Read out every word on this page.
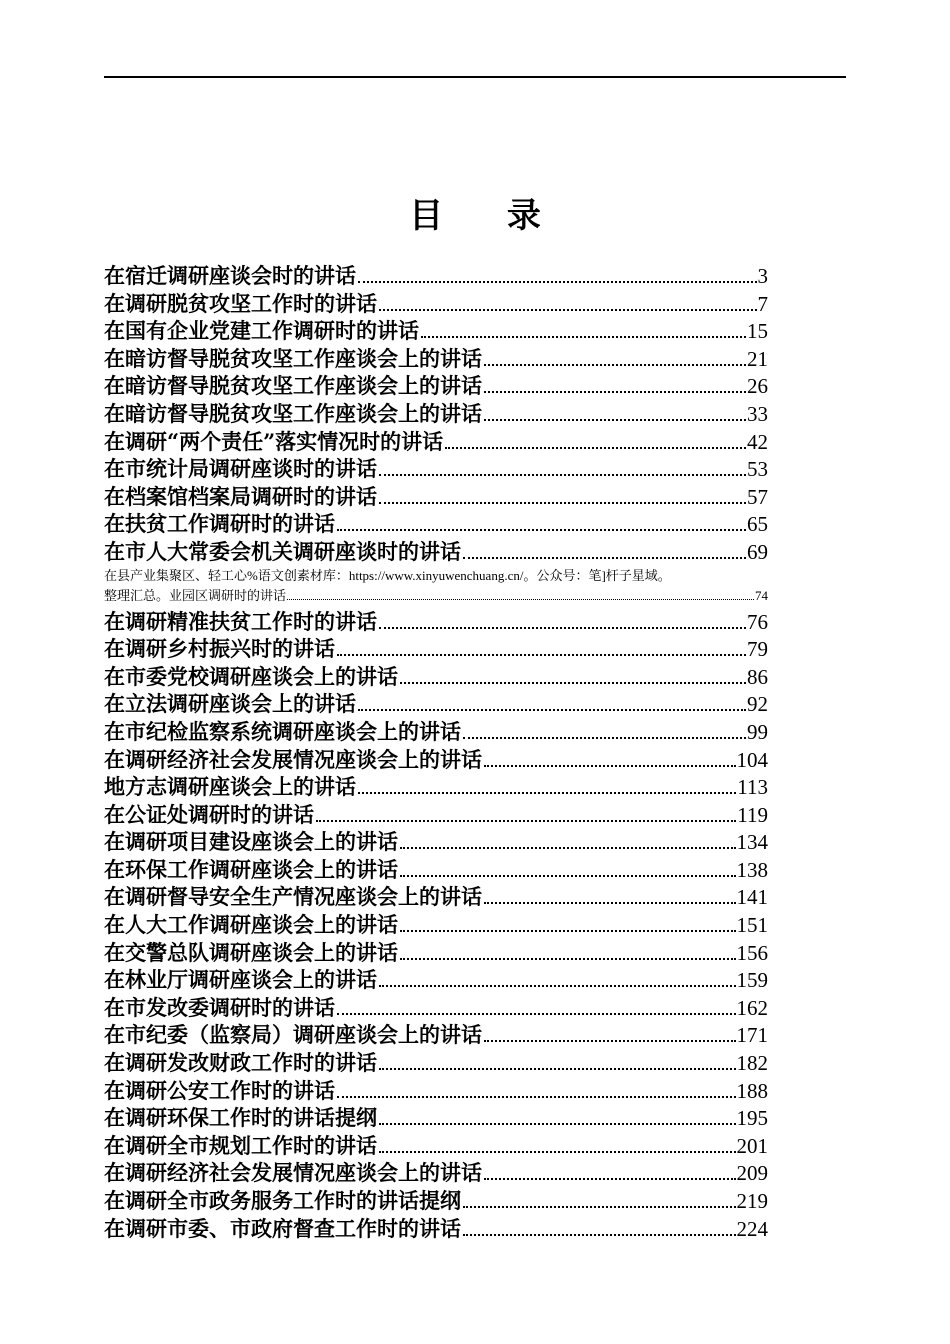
目 录
在宿迁调研座谈会时的讲话	3
在调研脱贫攻坚工作时的讲话	7
在国有企业党建工作调研时的讲话	15
在暗访督导脱贫攻坚工作座谈会上的讲话	21
在暗访督导脱贫攻坚工作座谈会上的讲话	26
在暗访督导脱贫攻坚工作座谈会上的讲话	33
在调研“两个责任”落实情况时的讲话	42
在市统计局调研座谈时的讲话	53
在档案馆档案局调研时的讲话	57
在扶贫工作调研时的讲话	65
在市人大常委会机关调研座谈时的讲话	69
在县产业集聚区、轻工心%语文创素材库：https://www.xinyuwenchuang.cn/。公众号：笔]杆子星域。
整理汇总。业园区调研时的讲话	74
在调研精准扶贫工作时的讲话	76
在调研乡村振兴时的讲话	79
在市委党校调研座谈会上的讲话	86
在立法调研座谈会上的讲话	92
在市纪检监察系统调研座谈会上的讲话	99
在调研经济社会发展情况座谈会上的讲话	104
地方志调研座谈会上的讲话	113
在公证处调研时的讲话	119
在调研项目建设座谈会上的讲话	134
在环保工作调研座谈会上的讲话	138
在调研督导安全生产情况座谈会上的讲话	141
在人大工作调研座谈会上的讲话	151
在交警总队调研座谈会上的讲话	156
在林业厅调研座谈会上的讲话	159
在市发改委调研时的讲话	162
在市纪委（监察局）调研座谈会上的讲话	171
在调研发改财政工作时的讲话	182
在调研公安工作时的讲话	188
在调研环保工作时的讲话提纲	195
在调研全市规划工作时的讲话	201
在调研经济社会发展情况座谈会上的讲话	209
在调研全市政务服务工作时的讲话提纲	219
在调研市委、市政府督查工作时的讲话	224
